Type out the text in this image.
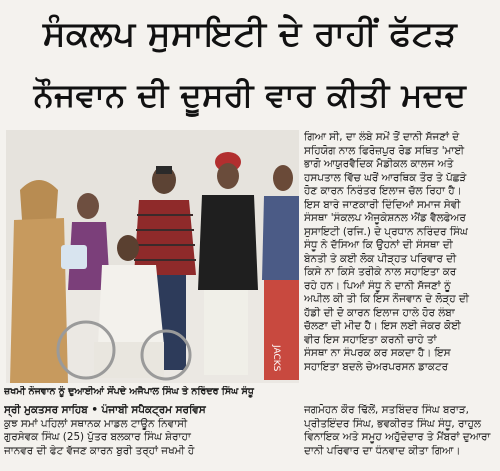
ਸੰਕਲਪ ਸੁਸਾਇਟੀ ਦੇ ਰਾਹੀਂ ਫੱਟੜ
ਨੌਜਵਾਨ ਦੀ ਦੂਸਰੀ ਵਾਰ ਕੀਤੀ ਮਦਦ
JACKS
ਜ਼ਖਮੀ ਨੌਜਵਾਨ ਨੂੰ ਦੁਆਈਆਂ ਸੌਂਪਦੇ ਅਜੈਪਾਲ ਸਿੰਘ ਤੇ ਨਰਿੰਦਰ ਸਿੰਘ ਸੰਧੂ

ਗਿਆ ਸੀ, ਦਾ ਲੰਬੇ ਸਮੇਂ ਤੋਂ ਦਾਨੀ ਸੱਜਣਾਂ ਦੇ

ਸਹਿਯੋਗ ਨਾਲ ਫਿਰੋਜ਼ਪੁਰ ਰੋਡ ਸਥਿਤ 'ਮਾਈ

ਭਾਗੋ ਆਯੁਰਵੈਦਿਕ ਮੈਡੀਕਲ ਕਾਲਜ ਅਤੇ

ਹਸਪਤਾਲ ਵਿੱਚ ਘਰੋਂ ਆਰਥਿਕ ਤੌਰ ਤੇ ਪੱਛੜੇ

ਹੋਣ ਕਾਰਨ ਨਿਰੰਤਰ ਇਲਾਜ ਚੱਲ ਰਿਹਾ ਹੈ।

ਇਸ ਬਾਰੇ ਜਾਣਕਾਰੀ ਦਿੰਦਿਆਂ ਸਮਾਜ ਸੇਵੀ

ਸੰਸਥਾ 'ਸੰਕਲਪ ਐਜੂਕੇਸ਼ਨਲ ਐਂਡ ਵੈਲਫੇਅਰ

ਸੁਸਾਇਟੀ (ਰਜਿ.) ਦੇ ਪ੍ਰਧਾਨ ਨਰਿੰਦਰ ਸਿੰਘ

ਸੰਧੂ ਨੇ ਦੱਸਿਆ ਕਿ ਉਹਨਾਂ ਦੀ ਸੰਸਥਾ ਦੀ

ਬੇਨਤੀ ਤੇ ਕਈ ਲੋਕ ਪੀੜ੍ਹਤ ਪਰਿਵਾਰ ਦੀ

ਕਿਸੇ ਨਾ ਕਿਸੇ ਤਰੀਕੇ ਨਾਲ ਸਹਾਇਤਾ ਕਰ

ਰਹੇ ਹਨ। ਪਿਆਂ ਸੰਧੂ ਨੇ ਦਾਨੀ ਸੱਜਣਾਂ ਨੂੰ

ਅਪੀਲ ਕੀ ਤੀ ਕਿ ਇਸ ਨੌਜਵਾਨ ਦੇ ਲੋੜ੍ਹ ਦੀ

ਹੱਡੀ ਦੀ ਦੋ ਕਾਰਨ ਇਲਾਜ ਹਾਲੇ ਹੋਰ ਲੰਬਾ

ਚੱਲਣਾ ਦੀ ਮੀਦ ਹੈ। ਇਸ ਲਈ ਜੇਕਰ ਕੋਈ

ਵੀਰ ਇਸ ਸਹਾਇਤਾ ਕਰਨੀ ਚਾਹੇ ਤਾਂ

ਸੰਸਥਾ ਨਾ ਸੰਪਰਕ ਕਰ ਸਕਦਾ ਹੈ। ਇਸ

ਸਹਾਇਤਾ ਬਦਲੇ ਚੇਅਰਪਰਸਨ ਡਾਕਟਰ

ਸ੍ਰੀ ਮੁਕਤਸਰ ਸਾਹਿਬ • ਪੰਜਾਬੀ ਸਪੈਕਟ੍ਰਮ ਸਰਵਿਸ

ਕੁਝ ਸਮਾਂ ਪਹਿਲਾਂ ਸਥਾਨਕ ਮਾਡਲ ਟਾਊਨ ਨਿਵਾਸੀ

ਗੁਰਸੇਵਕ ਸਿੰਘ (25) ਪੁੱਤਰ ਬਲਕਾਰ ਸਿੰਘ ਸ਼ੇਰਾਹਾ

ਜਾਨਵਰ ਦੀ ਫੇਟ ਵੱਜਣ ਕਾਰਨ ਬੁਰੀ ਤਰ੍ਹਾਂ ਜਖਮੀ ਹੋ

ਜਗਮੋਹਨ ਕੌਰ ਢਿੱਲੋਂ, ਸਤਬਿੰਦਰ ਸਿੰਘ ਬਰਾੜ,

ਪ੍ਰੀਤਇੰਦਰ ਸਿੰਘ, ਭਵਕੀਰਤ ਸਿੰਘ ਸੰਧੂ, ਰਾਹੁਲ

ਵਿਨਾਇਕ ਅਤੇ ਸਮੂਹ ਅਹੁੱਦੇਦਾਰ ਤੇ ਮੈਂਬਰਾਂ ਦੁਆਰਾ

ਦਾਨੀ ਪਰਿਵਾਰ ਦਾ ਧੰਨਵਾਦ ਕੀਤਾ ਗਿਆ।
